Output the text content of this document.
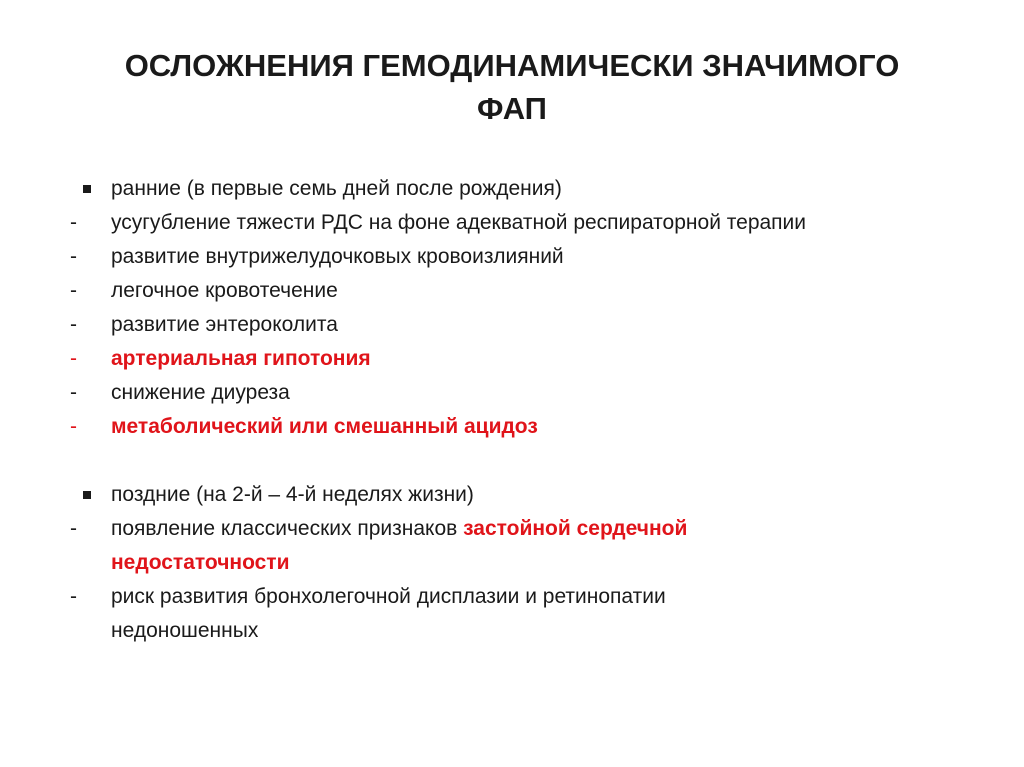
ОСЛОЖНЕНИЯ ГЕМОДИНАМИЧЕСКИ ЗНАЧИМОГО
ФАП
ранние (в первые семь дней после рождения)
-	усугубление тяжести РДС на фоне адекватной респираторной терапии
-	развитие внутрижелудочковых кровоизлияний
-	легочное кровотечение
-	развитие энтероколита
-	артериальная гипотония
-	снижение диуреза
-	метаболический или смешанный ацидоз
поздние (на 2-й – 4-й неделях жизни)
-	появление классических признаков застойной сердечной
недостаточности
-	риск развития бронхолегочной дисплазии и ретинопатии
недоношенных
